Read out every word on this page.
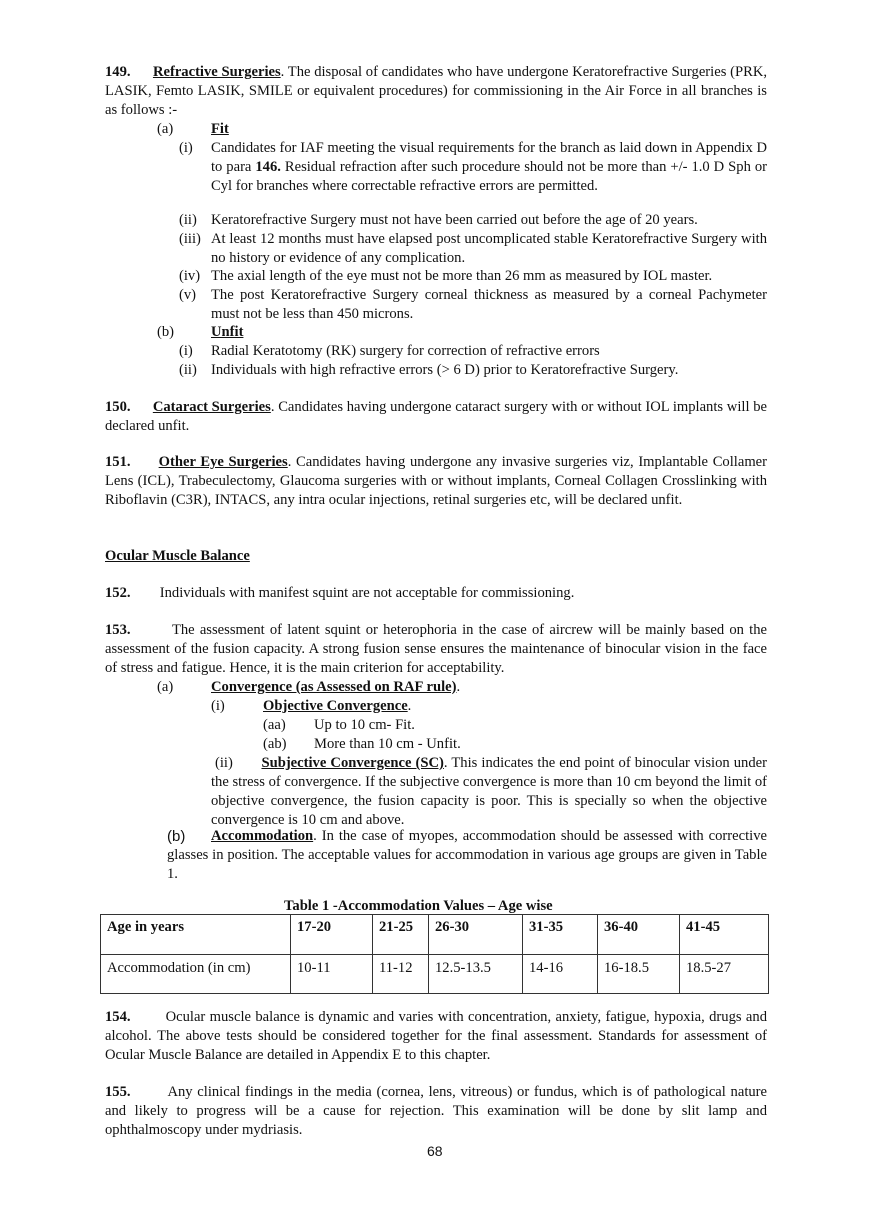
149. Refractive Surgeries. The disposal of candidates who have undergone Keratorefractive Surgeries (PRK, LASIK, Femto LASIK, SMILE or equivalent procedures) for commissioning in the Air Force in all branches is as follows :-

(a)	Fit
(i) Candidates for IAF meeting the visual requirements for the branch as laid down in Appendix D to para 146. Residual refraction after such procedure should not be more than +/- 1.0 D Sph or Cyl for branches where correctable refractive errors are permitted.

(ii) Keratorefractive Surgery must not have been carried out before the age of 20 years.
(iii) At least 12 months must have elapsed post uncomplicated stable Keratorefractive Surgery with no history or evidence of any complication.

(iv) The axial length of the eye must not be more than 26 mm as measured by IOL master.
(v) The post Keratorefractive Surgery corneal thickness as measured by a corneal Pachymeter must not be less than 450 microns.

(b)	Unfit
(i) Radial Keratotomy (RK) surgery for correction of refractive errors
(ii) Individuals with high refractive errors (> 6 D) prior to Keratorefractive Surgery.

150. Cataract Surgeries. Candidates having undergone cataract surgery with or without IOL implants will be declared unfit.

151. Other Eye Surgeries. Candidates having undergone any invasive surgeries viz, Implantable Collamer Lens (ICL), Trabeculectomy, Glaucoma surgeries with or without implants, Corneal Collagen Crosslinking with Riboflavin (C3R), INTACS, any intra ocular injections, retinal surgeries etc, will be declared unfit.

Ocular Muscle Balance
152. Individuals with manifest squint are not acceptable for commissioning.

153.	The assessment of latent squint or heterophoria in the case of aircrew will be mainly based on the assessment of the fusion capacity. A strong fusion sense ensures the maintenance of binocular vision in the face of stress and fatigue. Hence, it is the main criterion for acceptability.

(a)	Convergence (as Assessed on RAF rule).
(i)	Objective Convergence.
(aa) Up to 10 cm- Fit.
(ab) More than 10 cm - Unfit.

(ii) Subjective Convergence (SC). This indicates the end point of binocular vision under the stress of convergence. If the subjective convergence is more than 10 cm beyond the limit of objective convergence, the fusion capacity is poor. This is specially so when the objective convergence is 10 cm and above.

(b)	Accommodation. In the case of myopes, accommodation should be assessed with corrective glasses in position. The acceptable values for accommodation in various age groups are given in Table 1.

Table 1 -Accommodation Values – Age wise
Age in years	17-20	21-25	26-30	31-35	36-40	41-45
Accommodation (in cm)	10-11	11-12	12.5-13.5	14-16	16-18.5	18.5-27

154. Ocular muscle balance is dynamic and varies with concentration, anxiety, fatigue, hypoxia, drugs and alcohol. The above tests should be considered together for the final assessment. Standards for assessment of Ocular Muscle Balance are detailed in Appendix E to this chapter.

155.	Any clinical findings in the media (cornea, lens, vitreous) or fundus, which is of pathological nature and likely to progress will be a cause for rejection. This examination will be done by slit lamp and ophthalmoscopy under mydriasis.

68
